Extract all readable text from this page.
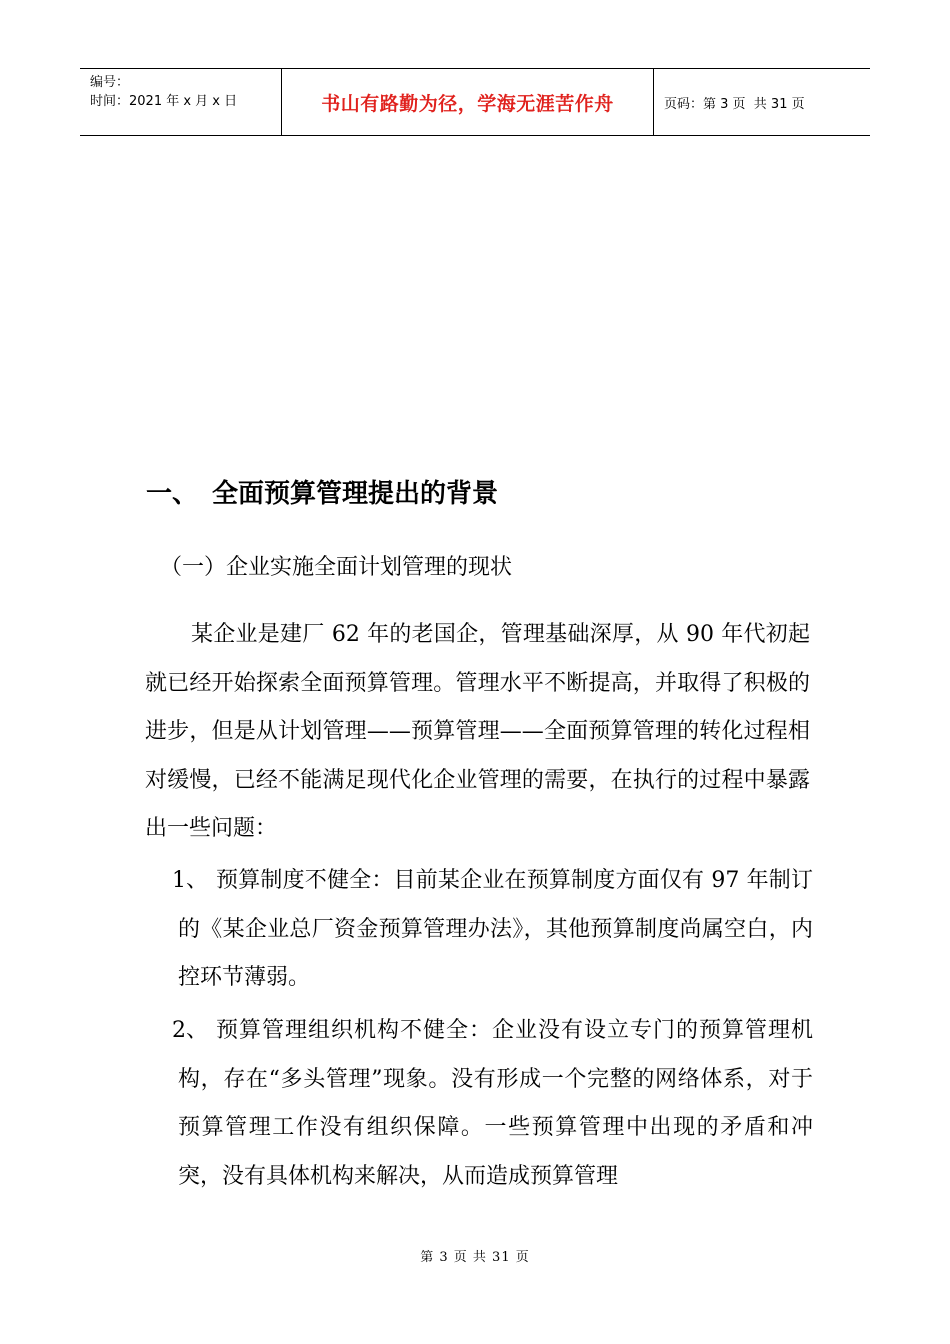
编号：
时间：2021 年 x 月 x 日	书山有路勤为径，学海无涯苦作舟	页码：第 3 页  共 31 页
一、 全面预算管理提出的背景
（一）企业实施全面计划管理的现状

某企业是建厂 62 年的老国企，管理基础深厚，从 90 年代初起就已经开始探索全面预算管理。管理水平不断提高，并取得了积极的进步，但是从计划管理——预算管理——全面预算管理的转化过程相对缓慢，已经不能满足现代化企业管理的需要，在执行的过程中暴露出一些问题：

1、 预算制度不健全：目前某企业在预算制度方面仅有 97 年制订的《某企业总厂资金预算管理办法》，其他预算制度尚属空白，内控环节薄弱。
2、 预算管理组织机构不健全：企业没有设立专门的预算管理机构，存在“多头管理”现象。没有形成一个完整的网络体系，对于预算管理工作没有组织保障。一些预算管理中出现的矛盾和冲突，没有具体机构来解决，从而造成预算管理
第 3 页 共 31 页
